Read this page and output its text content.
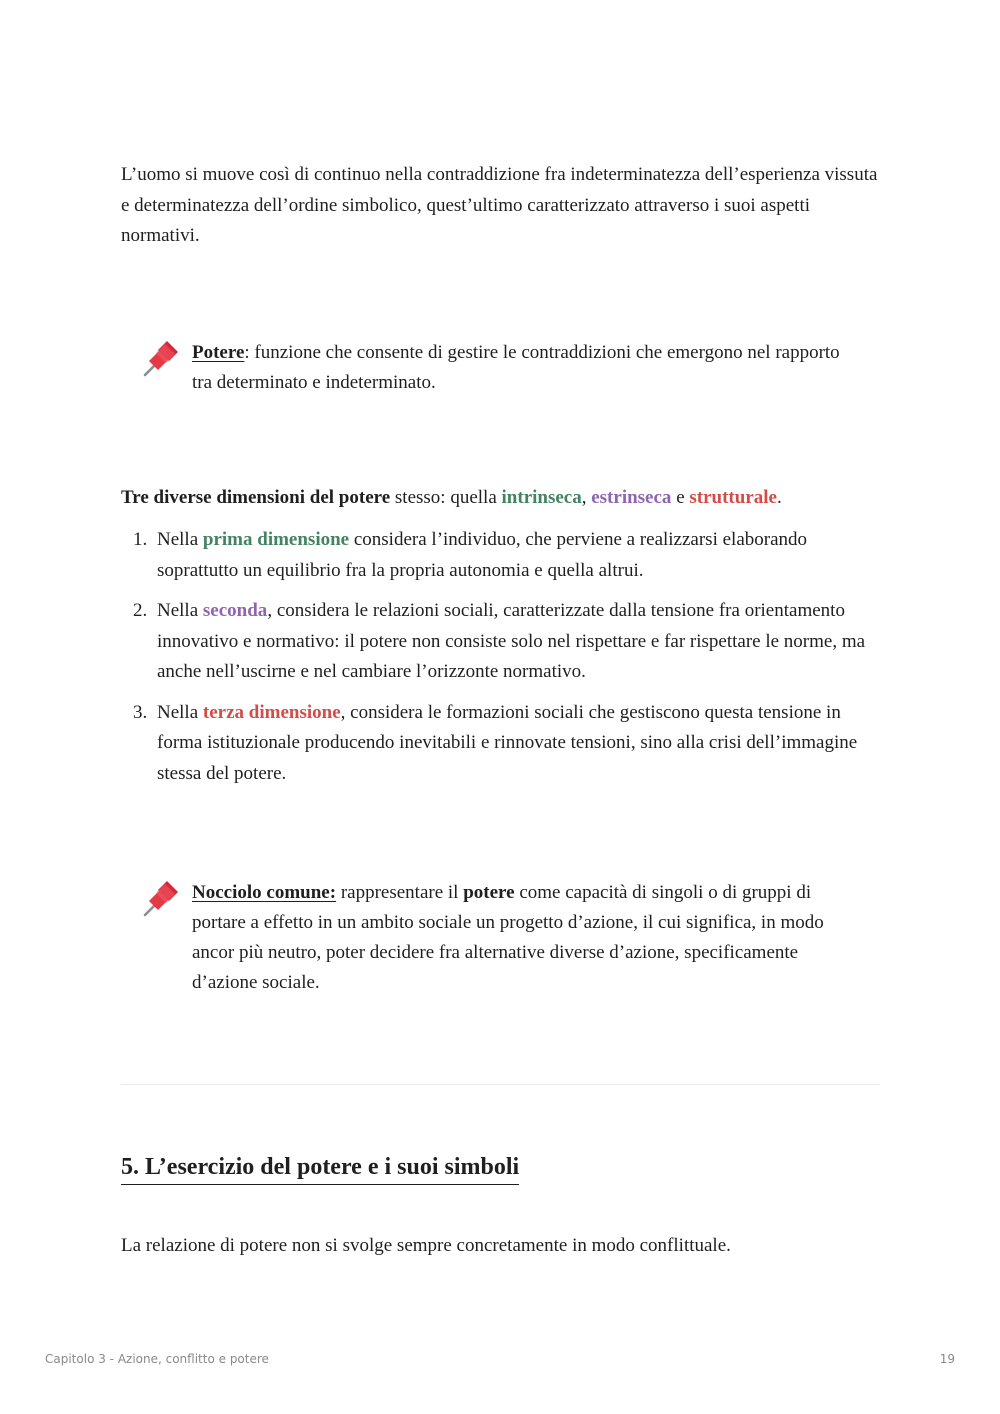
L’uomo si muove così di continuo nella contraddizione fra indeterminatezza dell’esperienza vissuta e determinatezza dell’ordine simbolico, quest’ultimo caratterizzato attraverso i suoi aspetti normativi.

Potere: funzione che consente di gestire le contraddizioni che emergono nel rapporto tra determinato e indeterminato.

Tre diverse dimensioni del potere stesso: quella intrinseca, estrinseca e strutturale.

1. Nella prima dimensione considera l’individuo, che perviene a realizzarsi elaborando soprattutto un equilibrio fra la propria autonomia e quella altrui.
2. Nella seconda, considera le relazioni sociali, caratterizzate dalla tensione fra orientamento innovativo e normativo: il potere non consiste solo nel rispettare e far rispettare le norme, ma anche nell’uscirne e nel cambiare l’orizzonte normativo.
3. Nella terza dimensione, considera le formazioni sociali che gestiscono questa tensione in forma istituzionale producendo inevitabili e rinnovate tensioni, sino alla crisi dell’immagine stessa del potere.

Nocciolo comune: rappresentare il potere come capacità di singoli o di gruppi di portare a effetto in un ambito sociale un progetto d’azione, il cui significa, in modo ancor più neutro, poter decidere fra alternative diverse d’azione, specificamente d’azione sociale.

5. L’esercizio del potere e i suoi simboli

La relazione di potere non si svolge sempre concretamente in modo conflittuale.

Capitolo 3 - Azione, conflitto e potere	19
